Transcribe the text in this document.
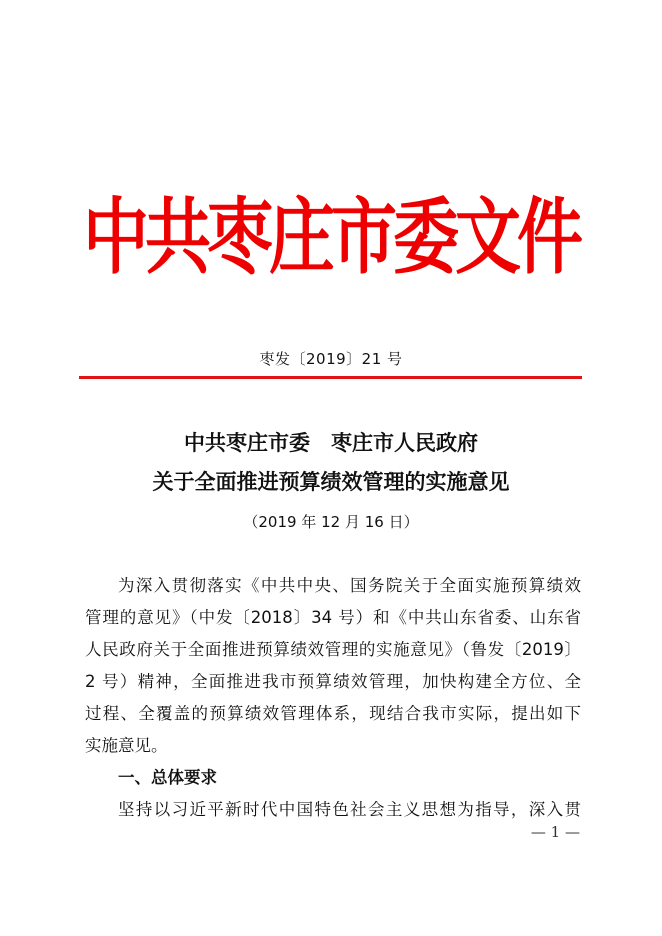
中共枣庄市委文件
枣发〔2019〕21 号
中共枣庄市委　枣庄市人民政府
关于全面推进预算绩效管理的实施意见
（2019 年 12 月 16 日）
为深入贯彻落实《中共中央、国务院关于全面实施预算绩效
管理的意见》（中发〔2018〕34 号）和《中共山东省委、山东省
人民政府关于全面推进预算绩效管理的实施意见》（鲁发〔2019〕
2 号）精神，全面推进我市预算绩效管理，加快构建全方位、全
过程、全覆盖的预算绩效管理体系，现结合我市实际，提出如下
实施意见。
一、总体要求
坚持以习近平新时代中国特色社会主义思想为指导，深入贯
— 1 —
